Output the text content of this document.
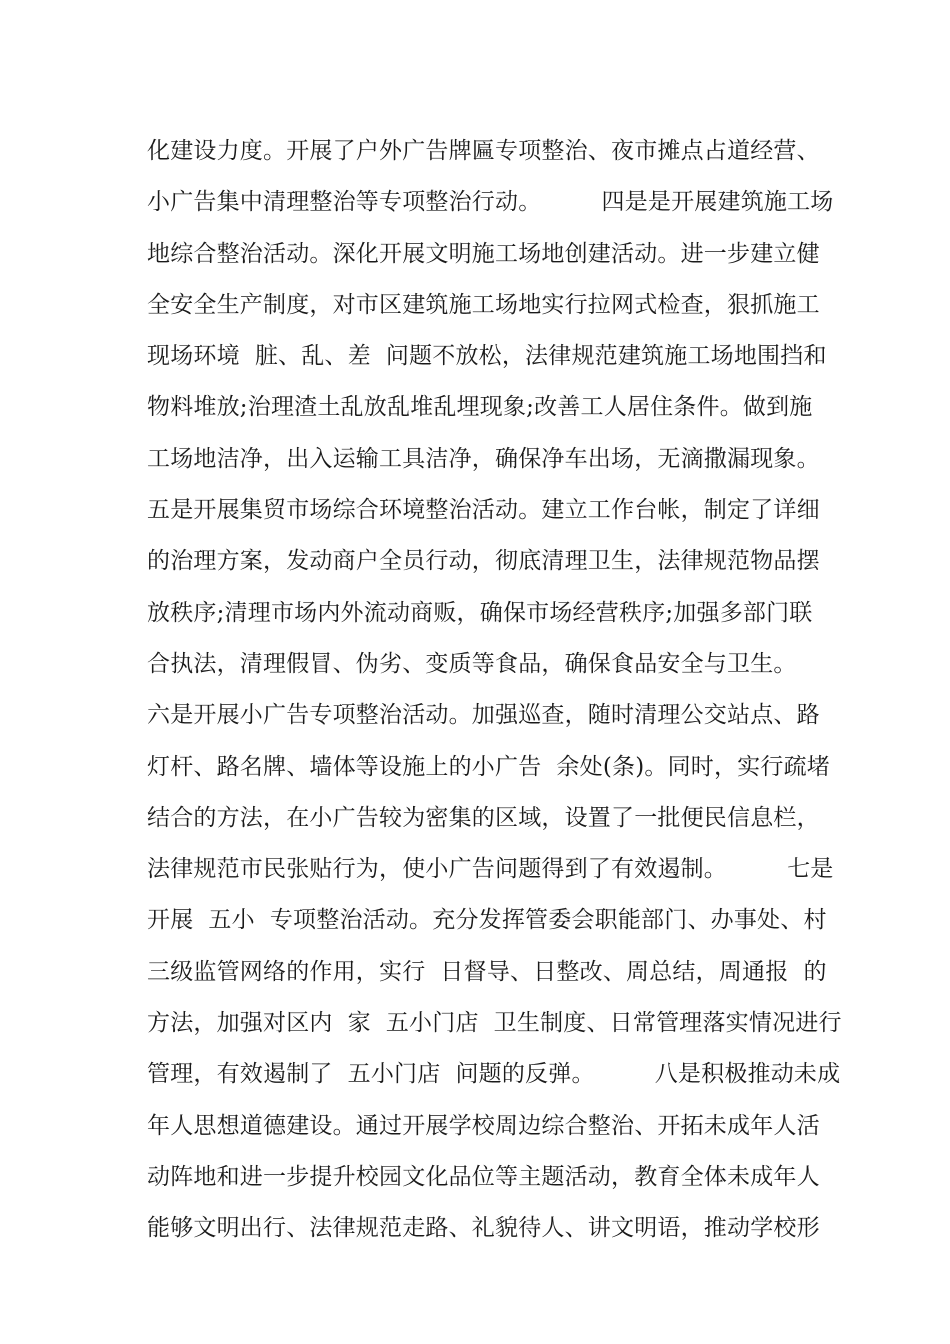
化建设力度。开展了户外广告牌匾专项整治、夜市摊点占道经营、
小广告集中清理整治等专项整治行动。        四是是开展建筑施工场
地综合整治活动。深化开展文明施工场地创建活动。进一步建立健
全安全生产制度，对市区建筑施工场地实行拉网式检查，狠抓施工
现场环境  脏、乱、差  问题不放松，法律规范建筑施工场地围挡和
物料堆放;治理渣土乱放乱堆乱埋现象;改善工人居住条件。做到施
工场地洁净，出入运输工具洁净，确保净车出场，无滴撒漏现象。
五是开展集贸市场综合环境整治活动。建立工作台帐，制定了详细
的治理方案，发动商户全员行动，彻底清理卫生，法律规范物品摆
放秩序;清理市场内外流动商贩，确保市场经营秩序;加强多部门联
合执法，清理假冒、伪劣、变质等食品，确保食品安全与卫生。
六是开展小广告专项整治活动。加强巡查，随时清理公交站点、路
灯杆、路名牌、墙体等设施上的小广告  余处(条)。同时，实行疏堵
结合的方法，在小广告较为密集的区域，设置了一批便民信息栏，
法律规范市民张贴行为，使小广告问题得到了有效遏制。        七是
开展  五小  专项整治活动。充分发挥管委会职能部门、办事处、村
三级监管网络的作用，实行  日督导、日整改、周总结，周通报  的
方法，加强对区内  家  五小门店  卫生制度、日常管理落实情况进行
管理，有效遏制了  五小门店  问题的反弹。        八是积极推动未成
年人思想道德建设。通过开展学校周边综合整治、开拓未成年人活
动阵地和进一步提升校园文化品位等主题活动，教育全体未成年人
能够文明出行、法律规范走路、礼貌待人、讲文明语，推动学校形
